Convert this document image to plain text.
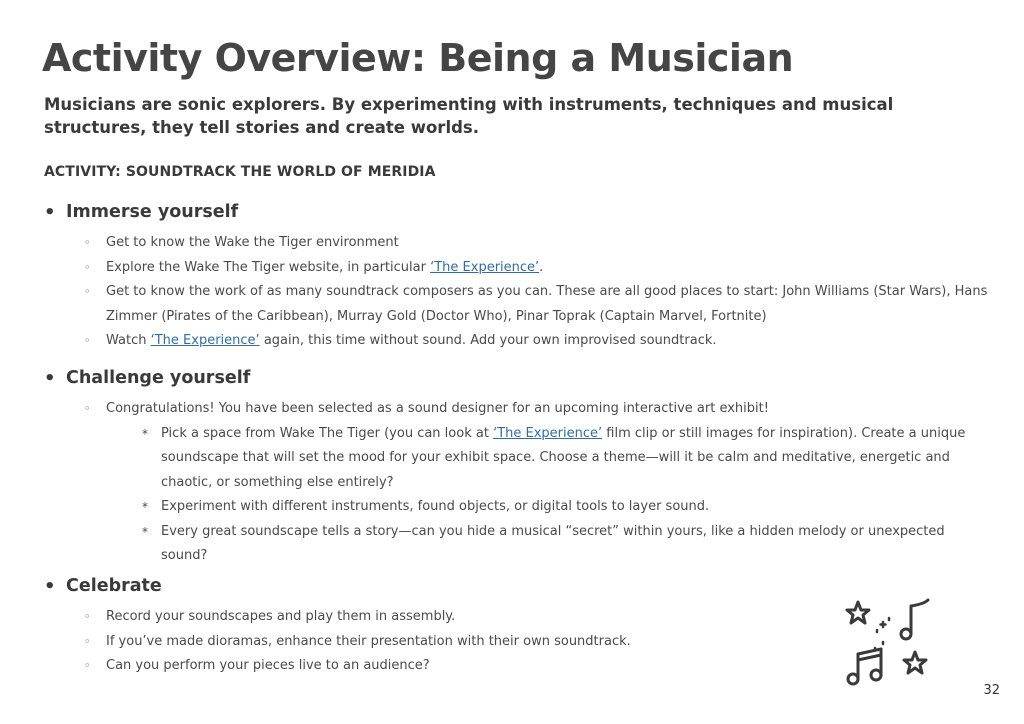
Activity Overview: Being a Musician

Musicians are sonic explorers. By experimenting with instruments, techniques and musical structures, they tell stories and create worlds.

ACTIVITY: SOUNDTRACK THE WORLD OF MERIDIA

• Immerse yourself
◦ Get to know the Wake the Tiger environment
◦ Explore the Wake The Tiger website, in particular ‘The Experience’.
◦ Get to know the work of as many soundtrack composers as you can. These are all good places to start: John Williams (Star Wars), Hans Zimmer (Pirates of the Caribbean), Murray Gold (Doctor Who), Pinar Toprak (Captain Marvel, Fortnite)
◦ Watch ‘The Experience’ again, this time without sound. Add your own improvised soundtrack.
• Challenge yourself
◦ Congratulations! You have been selected as a sound designer for an upcoming interactive art exhibit!
* Pick a space from Wake The Tiger (you can look at ‘The Experience’ film clip or still images for inspiration). Create a unique soundscape that will set the mood for your exhibit space. Choose a theme—will it be calm and meditative, energetic and chaotic, or something else entirely?
* Experiment with different instruments, found objects, or digital tools to layer sound.
* Every great soundscape tells a story—can you hide a musical “secret” within yours, like a hidden melody or unexpected sound?
• Celebrate
◦ Record your soundscapes and play them in assembly.
◦ If you’ve made dioramas, enhance their presentation with their own soundtrack.
◦ Can you perform your pieces live to an audience?
32
